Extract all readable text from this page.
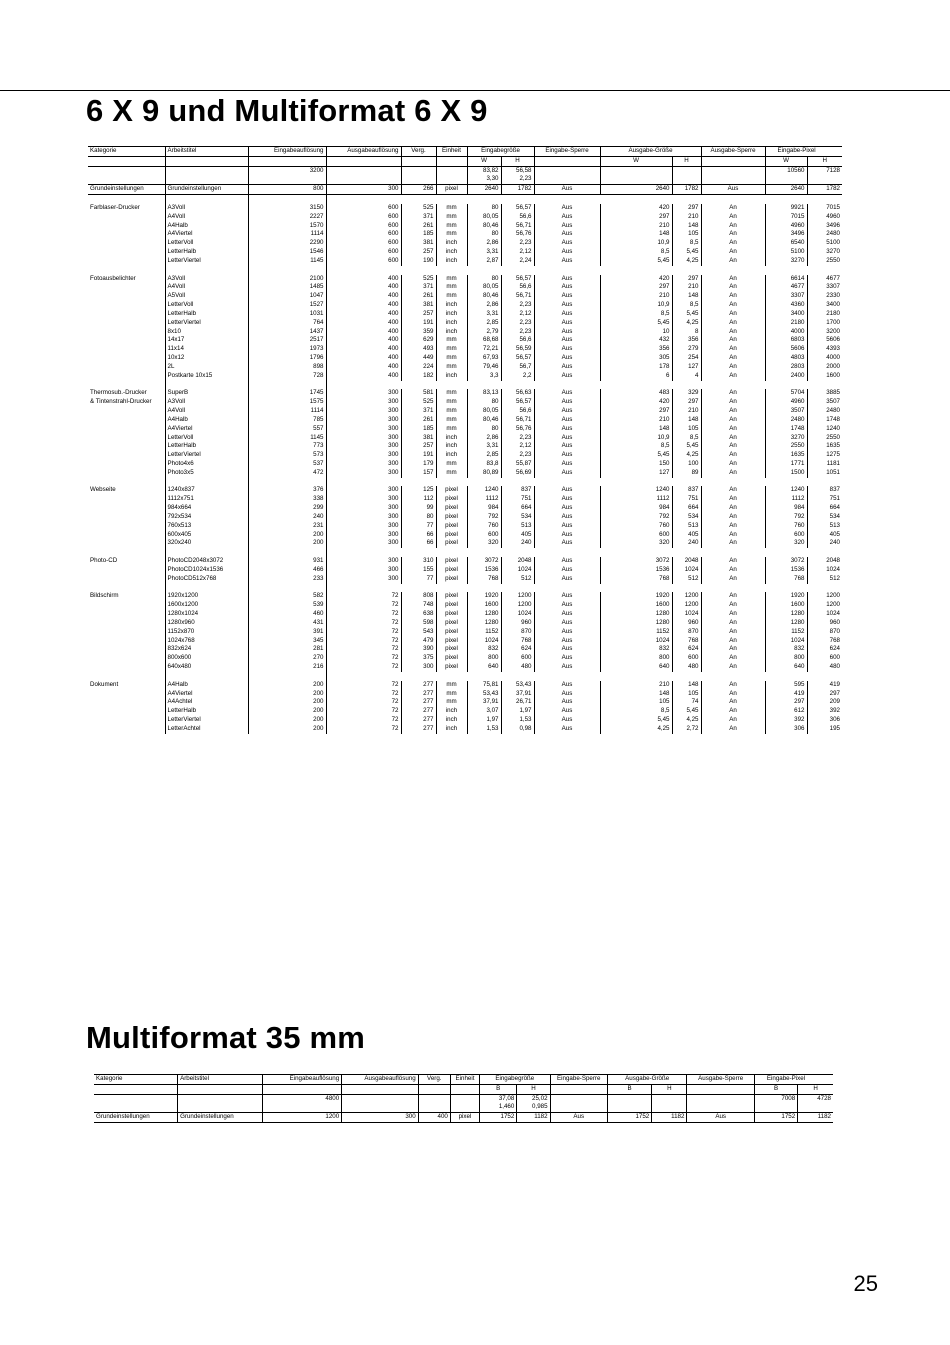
6 X 9 und Multiformat 6 X 9
Kategorie	Arbeitstitel	Eingabeauflösung	Ausgabeauflösung	Verg.	Einheit	Eingabegröße		Eingabe-Sperre	Ausgabe-Größe		Ausgabe-Sperre	Eingabe-Pixel	
						W	H		W	H		W	H
		3200				83,82	56,58					10560	7128
						3,30	2,23						
Grundeinstellungen	Grundeinstellungen	800	300	266	pixel	2640	1782	Aus	2640	1782	Aus	2640	1782

Farblaser-Drucker	A3Voll	3150	600	525	mm	80	56,57	Aus	420	297	An	9921	7015
	A4Voll	2227	600	371	mm	80,05	56,6	Aus	297	210	An	7015	4960
	A4Halb	1570	600	261	mm	80,46	56,71	Aus	210	148	An	4960	3496
	A4Viertel	1114	600	185	mm	80	56,76	Aus	148	105	An	3496	2480
	LetterVoll	2290	600	381	inch	2,86	2,23	Aus	10,9	8,5	An	6540	5100
	LetterHalb	1546	600	257	inch	3,31	2,12	Aus	8,5	5,45	An	5100	3270
	LetterViertel	1145	600	190	inch	2,87	2,24	Aus	5,45	4,25	An	3270	2550

Fotoausbelichter	A3Voll	2100	400	525	mm	80	56,57	Aus	420	297	An	6614	4677
	A4Voll	1485	400	371	mm	80,05	56,6	Aus	297	210	An	4677	3307
	A5Voll	1047	400	261	mm	80,46	56,71	Aus	210	148	An	3307	2330
	LetterVoll	1527	400	381	inch	2,86	2,23	Aus	10,9	8,5	An	4360	3400
	LetterHalb	1031	400	257	inch	3,31	2,12	Aus	8,5	5,45	An	3400	2180
	LetterViertel	764	400	191	inch	2,85	2,23	Aus	5,45	4,25	An	2180	1700
	8x10	1437	400	359	inch	2,79	2,23	Aus	10	8	An	4000	3200
	14x17	2517	400	629	mm	68,68	56,6	Aus	432	356	An	6803	5606
	11x14	1973	400	493	mm	72,21	56,59	Aus	356	279	An	5606	4393
	10x12	1796	400	449	mm	67,93	56,57	Aus	305	254	An	4803	4000
	2L	898	400	224	mm	79,46	56,7	Aus	178	127	An	2803	2000
	Postkarte 10x15	728	400	182	inch	3,3	2,2	Aus	6	4	An	2400	1600

Thermosub.-Drucker	SuperB	1745	300	581	mm	83,13	56,63	Aus	483	329	An	5704	3885
& Tintenstrahl-Drucker	A3Voll	1575	300	525	mm	80	56,57	Aus	420	297	An	4960	3507
	A4Voll	1114	300	371	mm	80,05	56,6	Aus	297	210	An	3507	2480
	A4Halb	785	300	261	mm	80,46	56,71	Aus	210	148	An	2480	1748
	A4Viertel	557	300	185	mm	80	56,76	Aus	148	105	An	1748	1240
	LetterVoll	1145	300	381	inch	2,86	2,23	Aus	10,9	8,5	An	3270	2550
	LetterHalb	773	300	257	inch	3,31	2,12	Aus	8,5	5,45	An	2550	1635
	LetterViertel	573	300	191	inch	2,85	2,23	Aus	5,45	4,25	An	1635	1275
	Photo4x6	537	300	179	mm	83,8	55,87	Aus	150	100	An	1771	1181
	Photo3x5	472	300	157	mm	80,89	56,69	Aus	127	89	An	1500	1051

Webseite	1240x837	376	300	125	pixel	1240	837	Aus	1240	837	An	1240	837
	1112x751	338	300	112	pixel	1112	751	Aus	1112	751	An	1112	751
	984x664	299	300	99	pixel	984	664	Aus	984	664	An	984	664
	792x534	240	300	80	pixel	792	534	Aus	792	534	An	792	534
	760x513	231	300	77	pixel	760	513	Aus	760	513	An	760	513
	600x405	200	300	66	pixel	600	405	Aus	600	405	An	600	405
	320x240	200	300	66	pixel	320	240	Aus	320	240	An	320	240

Photo-CD	PhotoCD2048x3072	931	300	310	pixel	3072	2048	Aus	3072	2048	An	3072	2048
	PhotoCD1024x1536	466	300	155	pixel	1536	1024	Aus	1536	1024	An	1536	1024
	PhotoCD512x768	233	300	77	pixel	768	512	Aus	768	512	An	768	512

Bildschirm	1920x1200	582	72	808	pixel	1920	1200	Aus	1920	1200	An	1920	1200
	1600x1200	539	72	748	pixel	1600	1200	Aus	1600	1200	An	1600	1200
	1280x1024	460	72	638	pixel	1280	1024	Aus	1280	1024	An	1280	1024
	1280x960	431	72	598	pixel	1280	960	Aus	1280	960	An	1280	960
	1152x870	391	72	543	pixel	1152	870	Aus	1152	870	An	1152	870
	1024x768	345	72	479	pixel	1024	768	Aus	1024	768	An	1024	768
	832x624	281	72	390	pixel	832	624	Aus	832	624	An	832	624
	800x600	270	72	375	pixel	800	600	Aus	800	600	An	800	600
	640x480	216	72	300	pixel	640	480	Aus	640	480	An	640	480

Dokument	A4Halb	200	72	277	mm	75,81	53,43	Aus	210	148	An	595	419
	A4Viertel	200	72	277	mm	53,43	37,91	Aus	148	105	An	419	297
	A4Achtel	200	72	277	mm	37,91	26,71	Aus	105	74	An	297	209
	LetterHalb	200	72	277	inch	3,07	1,97	Aus	8,5	5,45	An	612	392
	LetterViertel	200	72	277	inch	1,97	1,53	Aus	5,45	4,25	An	392	306
	LetterAchtel	200	72	277	inch	1,53	0,98	Aus	4,25	2,72	An	306	195
Multiformat 35 mm
Kategorie	Arbeitstitel	Eingabeauflösung	Ausgabeauflösung	Verg.	Einheit	Eingabegröße		Eingabe-Sperre	Ausgabe-Größe		Ausgabe-Sperre	Eingabe-Pixel	
						B	H		B	H		B	H
		4800				37,08	25,02					7008	4728
						1,460	0,985						
Grundeinstellungen	Grundeinstellungen	1200	300	400	pixel	1752	1182	Aus	1752	1182	Aus	1752	1182
25
